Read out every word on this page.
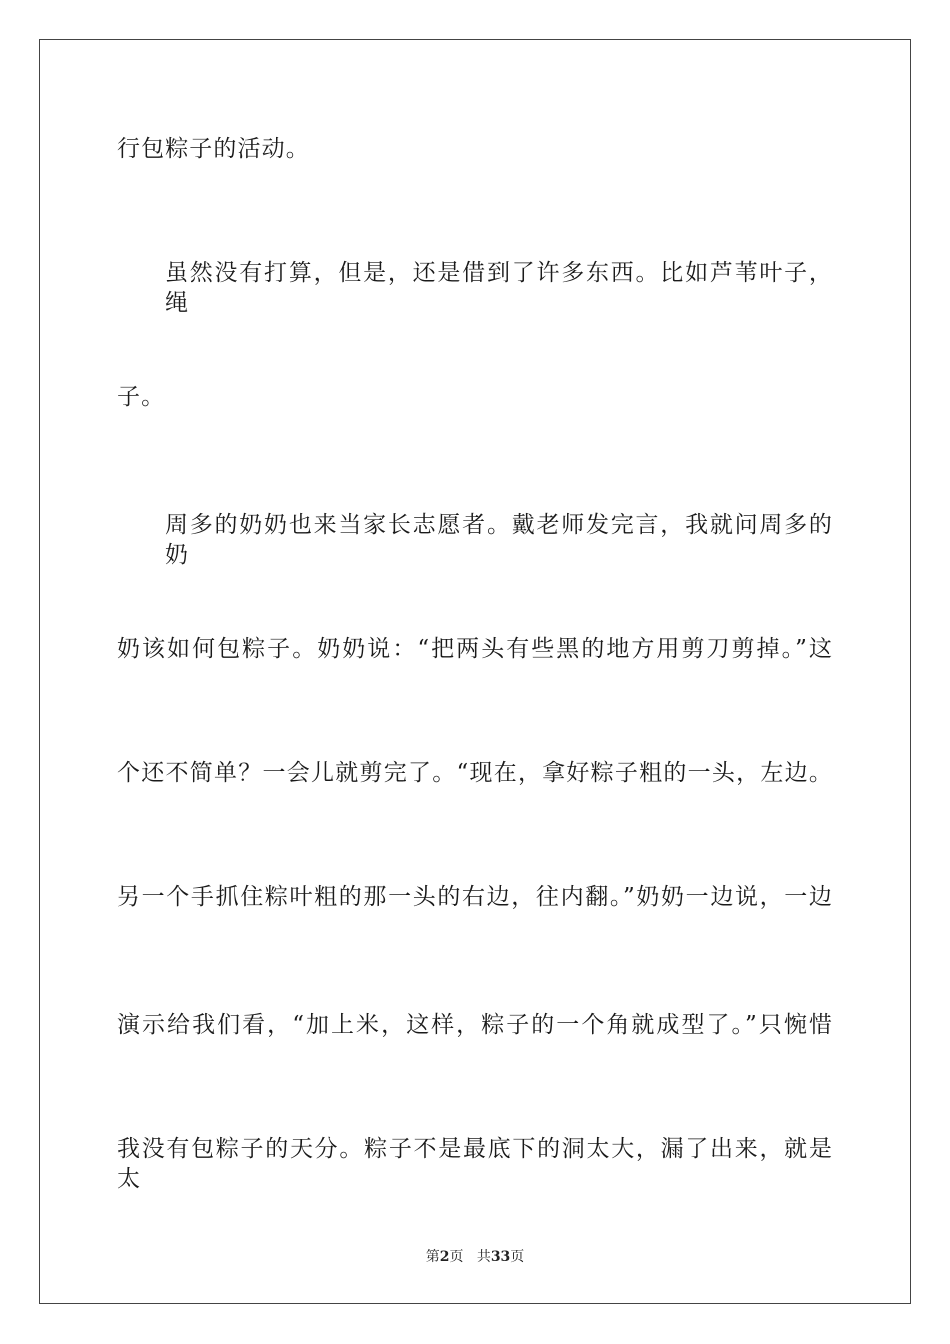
行包粽子的活动。
虽然没有打算，但是，还是借到了许多东西。比如芦苇叶子，绳
子。
周多的奶奶也来当家长志愿者。戴老师发完言，我就问周多的奶
奶该如何包粽子。奶奶说：“把两头有些黑的地方用剪刀剪掉。”这
个还不简单？一会儿就剪完了。“现在，拿好粽子粗的一头，左边。
另一个手抓住粽叶粗的那一头的右边，往内翻。”奶奶一边说，一边
演示给我们看，“加上米，这样，粽子的一个角就成型了。”只惋惜
我没有包粽子的天分。粽子不是最底下的洞太大，漏了出来，就是太
第2页 共33页
